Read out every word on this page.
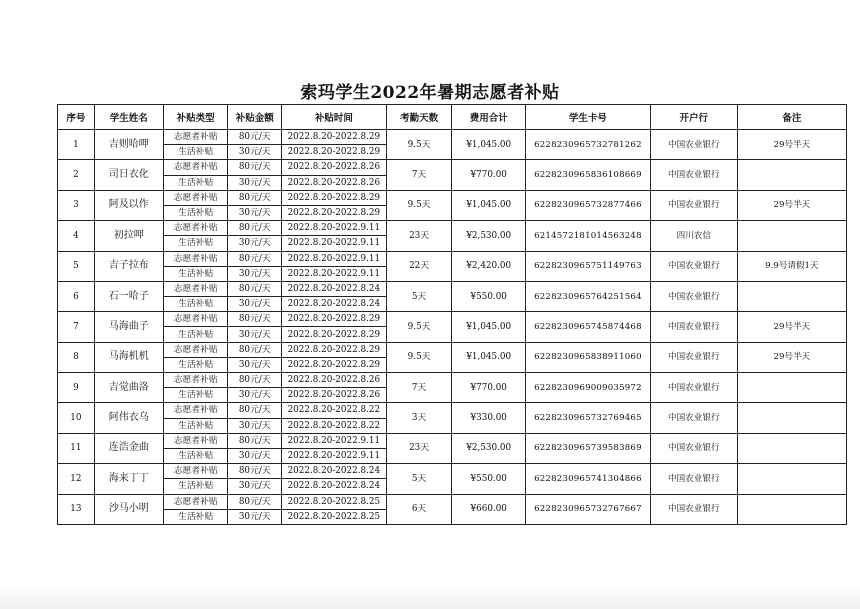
索玛学生2022年暑期志愿者补贴
序号	学生姓名	补贴类型	补贴金额	补贴时间	考勤天数	费用合计	学生卡号	开户行	备注
1	吉则哈呷	志愿者补贴	80元/天	2022.8.20-2022.8.29	9.5天	¥1,045.00	6228230965732781262	中国农业银行	29号半天
		生活补贴	30元/天	2022.8.20-2022.8.29					
2	司日衣化	志愿者补贴	80元/天	2022.8.20-2022.8.26	7天	¥770.00	6228230965836108669	中国农业银行	
		生活补贴	30元/天	2022.8.20-2022.8.26					
3	阿及以作	志愿者补贴	80元/天	2022.8.20-2022.8.29	9.5天	¥1,045.00	6228230965732877466	中国农业银行	29号半天
		生活补贴	30元/天	2022.8.20-2022.8.29					
4	初拉呷	志愿者补贴	80元/天	2022.8.20-2022.9.11	23天	¥2,530.00	6214572181014563248	四川农信	
		生活补贴	30元/天	2022.8.20-2022.9.11					
5	吉子拉布	志愿者补贴	80元/天	2022.8.20-2022.9.11	22天	¥2,420.00	6228230965751149763	中国农业银行	9.9号请假1天
		生活补贴	30元/天	2022.8.20-2022.9.11					
6	石一哈子	志愿者补贴	80元/天	2022.8.20-2022.8.24	5天	¥550.00	6228230965764251564	中国农业银行	
		生活补贴	30元/天	2022.8.20-2022.8.24					
7	马海曲子	志愿者补贴	80元/天	2022.8.20-2022.8.29	9.5天	¥1,045.00	6228230965745874468	中国农业银行	29号半天
		生活补贴	30元/天	2022.8.20-2022.8.29					
8	马海机机	志愿者补贴	80元/天	2022.8.20-2022.8.29	9.5天	¥1,045.00	6228230965838911060	中国农业银行	29号半天
		生活补贴	30元/天	2022.8.20-2022.8.29					
9	吉觉曲洛	志愿者补贴	80元/天	2022.8.20-2022.8.26	7天	¥770.00	6228230969009035972	中国农业银行	
		生活补贴	30元/天	2022.8.20-2022.8.26					
10	阿伟衣乌	志愿者补贴	80元/天	2022.8.20-2022.8.22	3天	¥330.00	6228230965732769465	中国农业银行	
		生活补贴	30元/天	2022.8.20-2022.8.22					
11	连浩金曲	志愿者补贴	80元/天	2022.8.20-2022.9.11	23天	¥2,530.00	6228230965739583869	中国农业银行	
		生活补贴	30元/天	2022.8.20-2022.9.11					
12	海来丁丁	志愿者补贴	80元/天	2022.8.20-2022.8.24	5天	¥550.00	6228230965741304866	中国农业银行	
		生活补贴	30元/天	2022.8.20-2022.8.24					
13	沙马小明	志愿者补贴	80元/天	2022.8.20-2022.8.25	6天	¥660.00	6228230965732767667	中国农业银行	
		生活补贴	30元/天	2022.8.20-2022.8.25					
